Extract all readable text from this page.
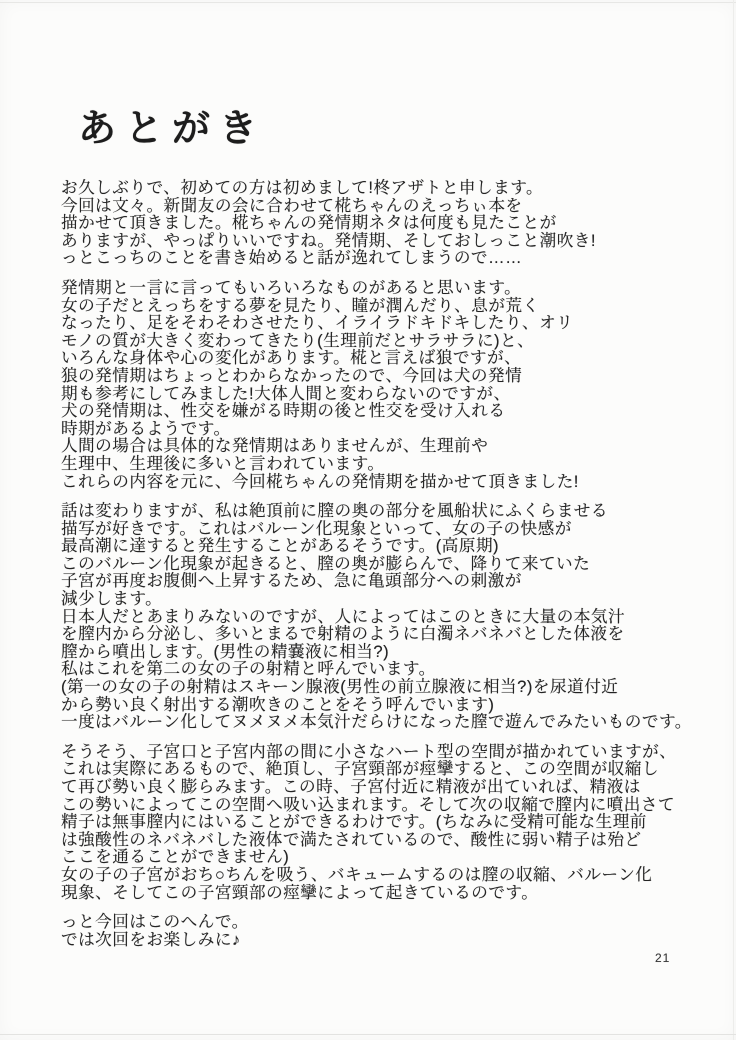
あとがき
お久しぶりで、初めての方は初めまして!柊アザトと申します。
今回は文々。新聞友の会に合わせて椛ちゃんのえっちぃ本を
描かせて頂きました。椛ちゃんの発情期ネタは何度も見たことが
ありますが、やっぱりいいですね。発情期、そしておしっこと潮吹き!
っとこっちのことを書き始めると話が逸れてしまうので……
発情期と一言に言ってもいろいろなものがあると思います。
女の子だとえっちをする夢を見たり、瞳が潤んだり、息が荒く
なったり、足をそわそわさせたり、イライラドキドキしたり、オリ
モノの質が大きく変わってきたり(生理前だとサラサラに)と、
いろんな身体や心の変化があります。椛と言えば狼ですが、
狼の発情期はちょっとわからなかったので、今回は犬の発情
期も参考にしてみました!大体人間と変わらないのですが、
犬の発情期は、性交を嫌がる時期の後と性交を受け入れる
時期があるようです。
人間の場合は具体的な発情期はありませんが、生理前や
生理中、生理後に多いと言われています。
これらの内容を元に、今回椛ちゃんの発情期を描かせて頂きました!
話は変わりますが、私は絶頂前に膣の奥の部分を風船状にふくらませる
描写が好きです。これはバルーン化現象といって、女の子の快感が
最高潮に達すると発生することがあるそうです。(高原期)
このバルーン化現象が起きると、膣の奥が膨らんで、降りて来ていた
子宮が再度お腹側へ上昇するため、急に亀頭部分への刺激が
減少します。
日本人だとあまりみないのですが、人によってはこのときに大量の本気汁
を膣内から分泌し、多いとまるで射精のように白濁ネバネバとした体液を
膣から噴出します。(男性の精嚢液に相当?)
私はこれを第二の女の子の射精と呼んでいます。
(第一の女の子の射精はスキーン腺液(男性の前立腺液に相当?)を尿道付近
から勢い良く射出する潮吹きのことをそう呼んでいます)
一度はバルーン化してヌメヌメ本気汁だらけになった膣で遊んでみたいものです。
そうそう、子宮口と子宮内部の間に小さなハート型の空間が描かれていますが、
これは実際にあるもので、絶頂し、子宮頸部が痙攣すると、この空間が収縮し
て再び勢い良く膨らみます。この時、子宮付近に精液が出ていれば、精液は
この勢いによってこの空間へ吸い込まれます。そして次の収縮で膣内に噴出さて
精子は無事膣内にはいることができるわけです。(ちなみに受精可能な生理前
は強酸性のネバネバした液体で満たされているので、酸性に弱い精子は殆ど
ここを通ることができません)
女の子の子宮がおち○ちんを吸う、バキュームするのは膣の収縮、バルーン化
現象、そしてこの子宮頸部の痙攣によって起きているのです。
っと今回はこのへんで。
では次回をお楽しみに♪
21
